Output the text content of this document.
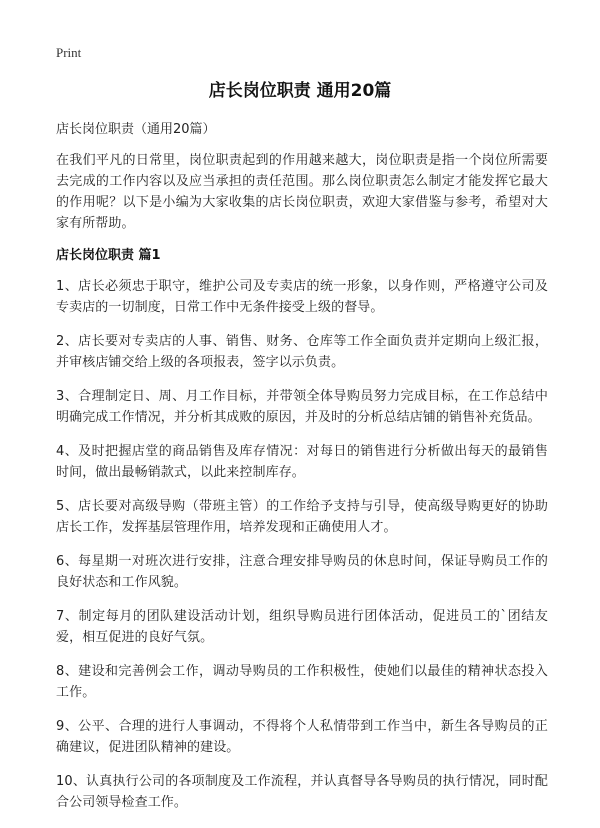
Print
店长岗位职责 通用20篇
店长岗位职责（通用20篇）

在我们平凡的日常里，岗位职责起到的作用越来越大，岗位职责是指一个岗位所需要去完成的工作内容以及应当承担的责任范围。那么岗位职责怎么制定才能发挥它最大的作用呢？以下是小编为大家收集的店长岗位职责，欢迎大家借鉴与参考，希望对大家有所帮助。

店长岗位职责 篇1

1、店长必须忠于职守，维护公司及专卖店的统一形象，以身作则，严格遵守公司及专卖店的一切制度，日常工作中无条件接受上级的督导。

2、店长要对专卖店的人事、销售、财务、仓库等工作全面负责并定期向上级汇报，并审核店铺交给上级的各项报表，签字以示负责。

3、合理制定日、周、月工作目标，并带领全体导购员努力完成目标，在工作总结中明确完成工作情况，并分析其成败的原因，并及时的分析总结店铺的销售补充货品。

4、及时把握店堂的商品销售及库存情况：对每日的销售进行分析做出每天的最销售时间，做出最畅销款式，以此来控制库存。

5、店长要对高级导购（带班主管）的工作给予支持与引导，使高级导购更好的协助店长工作，发挥基层管理作用，培养发现和正确使用人才。

6、每星期一对班次进行安排，注意合理安排导购员的休息时间，保证导购员工作的良好状态和工作风貌。

7、制定每月的团队建设活动计划，组织导购员进行团体活动，促进员工的`团结友爱，相互促进的良好气氛。

8、建设和完善例会工作，调动导购员的工作积极性，使她们以最佳的精神状态投入工作。

9、公平、合理的进行人事调动，不得将个人私情带到工作当中，新生各导购员的正确建议，促进团队精神的建设。

10、认真执行公司的各项制度及工作流程，并认真督导各导购员的执行情况，同时配合公司领导检查工作。
